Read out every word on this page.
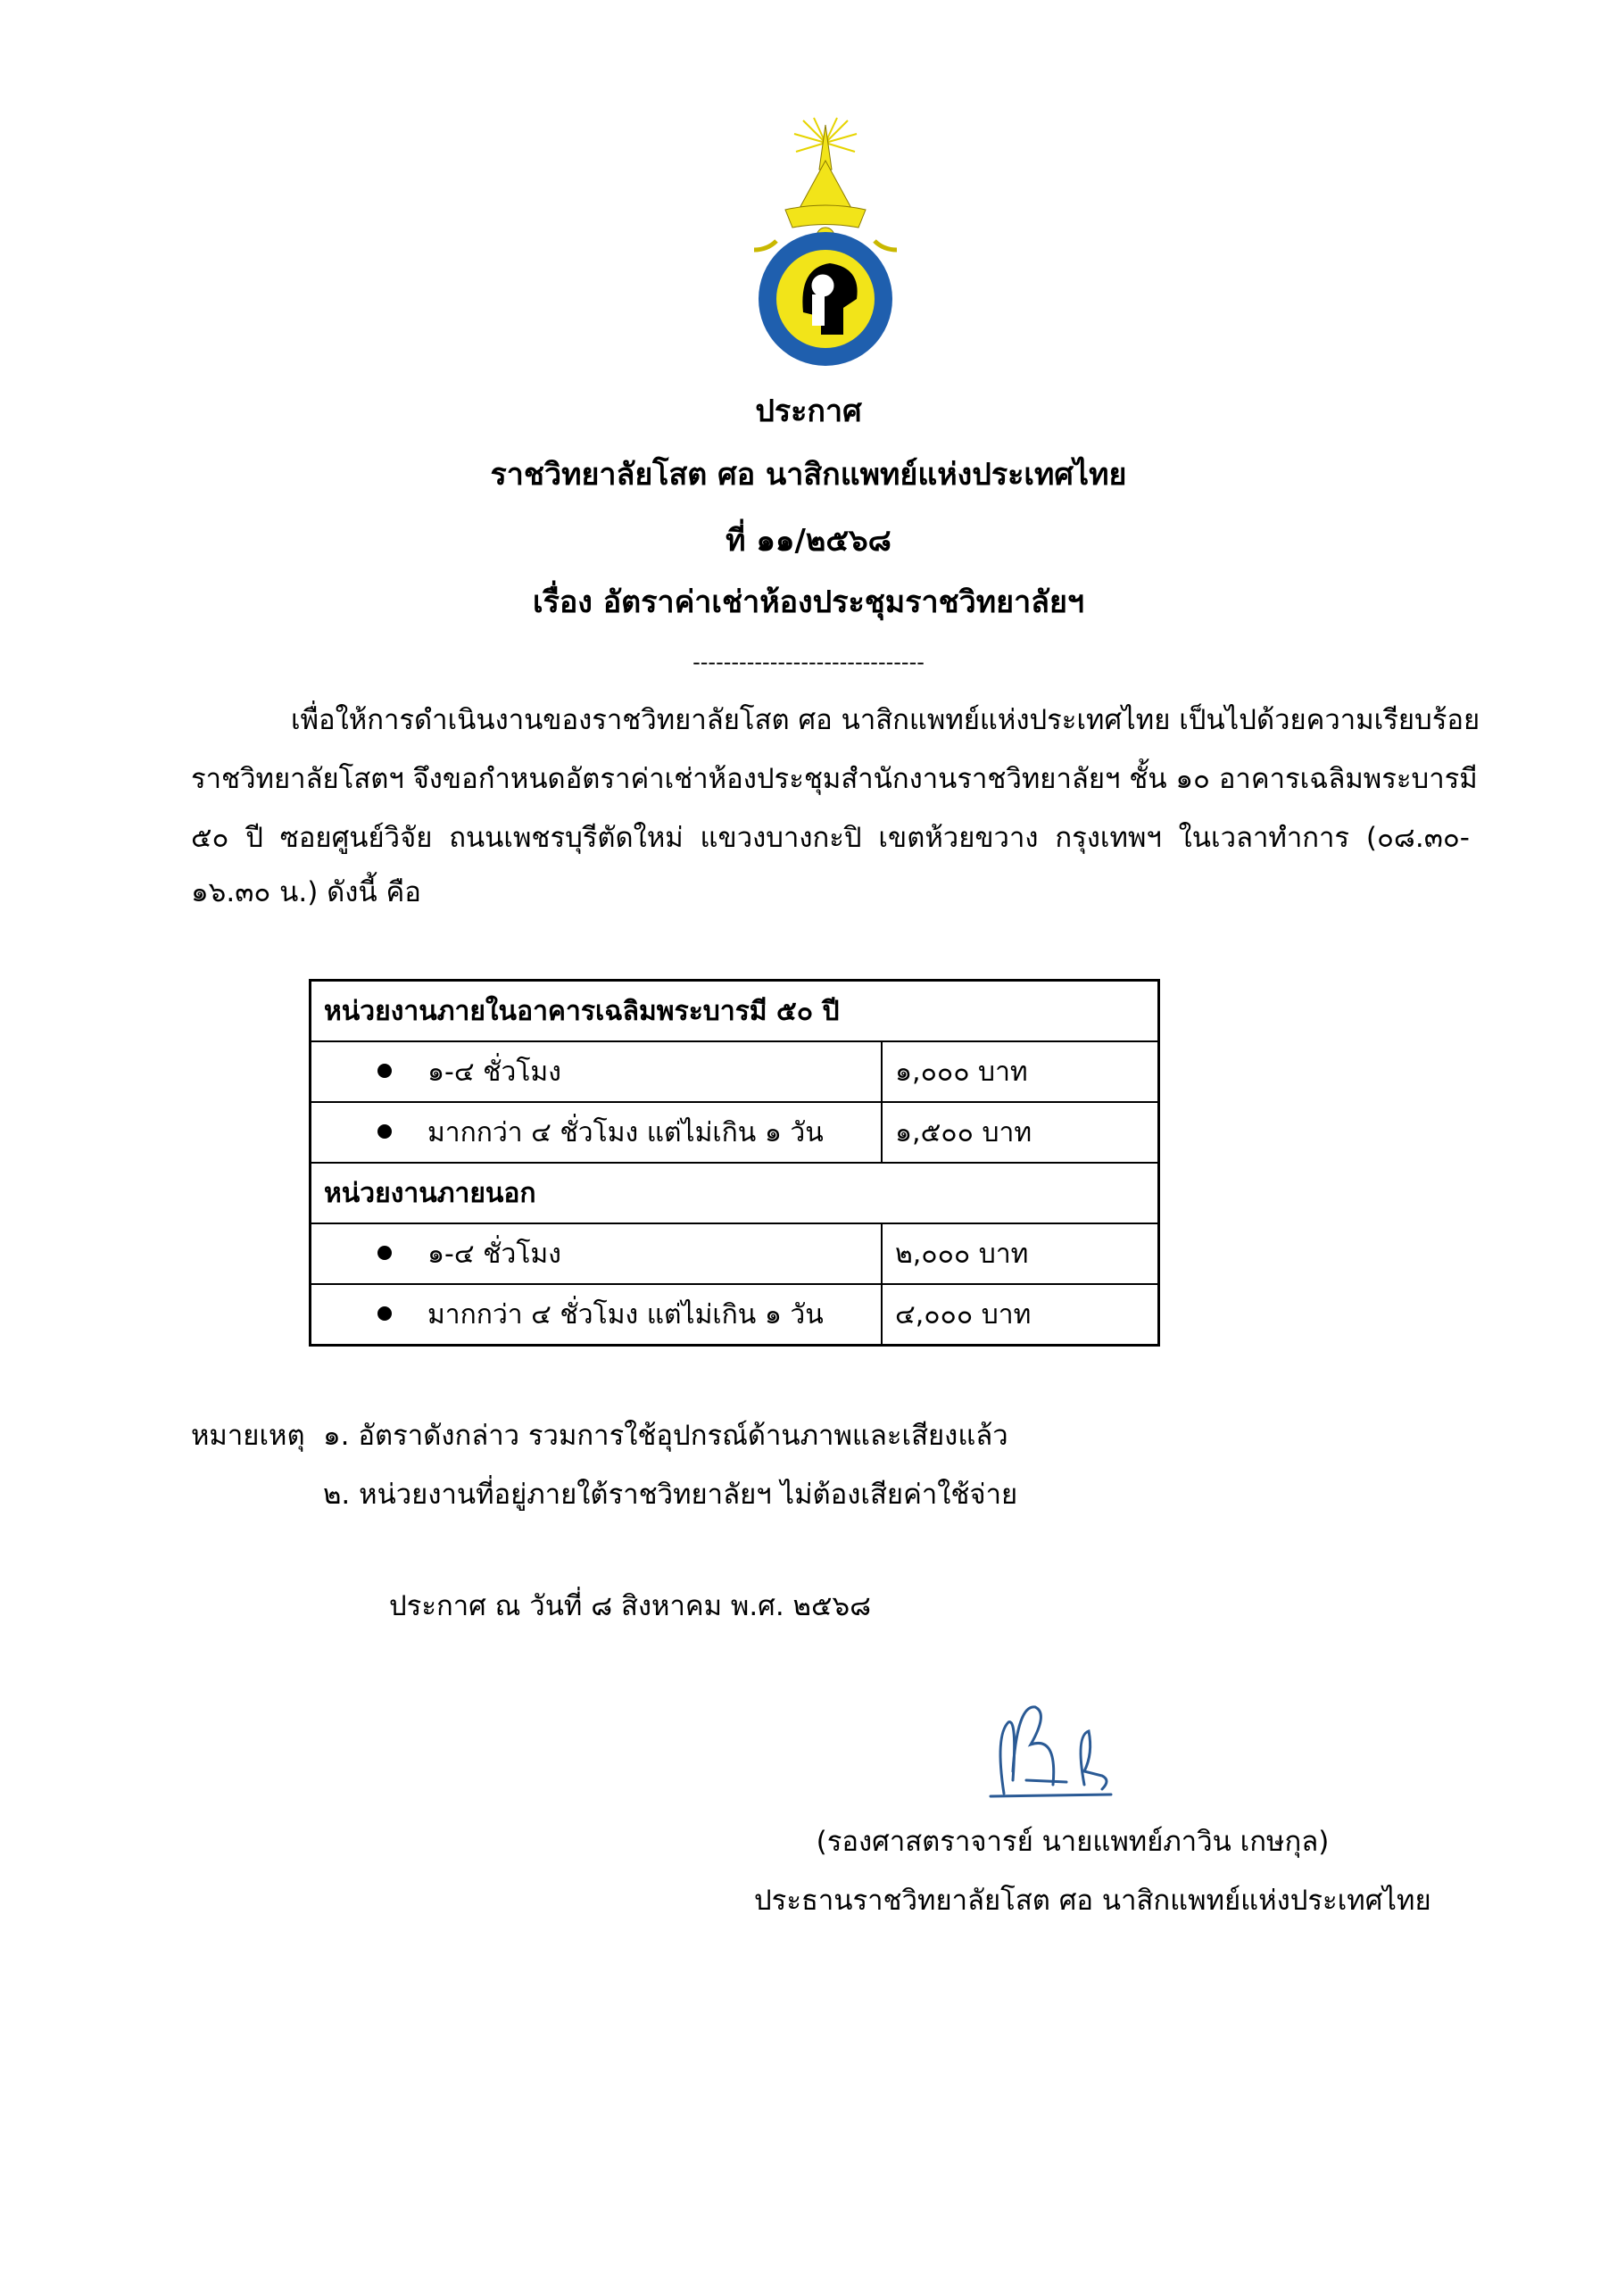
ประกาศ
ราชวิทยาลัยโสต ศอ นาสิกแพทย์แห่งประเทศไทย
ที่ ๑๑/๒๕๖๘
เรื่อง อัตราค่าเช่าห้องประชุมราชวิทยาลัยฯ
------------------------------
เพื่อให้การดำเนินงานของราชวิทยาลัยโสต ศอ นาสิกแพทย์แห่งประเทศไทย เป็นไปด้วยความเรียบร้อย
ราชวิทยาลัยโสตฯ จึงขอกำหนดอัตราค่าเช่าห้องประชุมสำนักงานราชวิทยาลัยฯ ชั้น ๑๐ อาคารเฉลิมพระบารมี
๕๐ ปี ซอยศูนย์วิจัย ถนนเพชรบุรีตัดใหม่ แขวงบางกะปิ เขตห้วยขวาง กรุงเทพฯ ในเวลาทำการ (๐๘.๓๐-
๑๖.๓๐ น.) ดังนี้ คือ
หน่วยงานภายในอาคารเฉลิมพระบารมี ๕๐ ปี	
๑-๔ ชั่วโมง	๑,๐๐๐ บาท
มากกว่า ๔ ชั่วโมง แต่ไม่เกิน ๑ วัน	๑,๕๐๐ บาท
หน่วยงานภายนอก	
๑-๔ ชั่วโมง	๒,๐๐๐ บาท
มากกว่า ๔ ชั่วโมง แต่ไม่เกิน ๑ วัน	๔,๐๐๐ บาท
หมายเหตุ ๑. อัตราดังกล่าว รวมการใช้อุปกรณ์ด้านภาพและเสียงแล้ว
๒. หน่วยงานที่อยู่ภายใต้ราชวิทยาลัยฯ ไม่ต้องเสียค่าใช้จ่าย
ประกาศ ณ วันที่ ๘ สิงหาคม พ.ศ. ๒๕๖๘
(รองศาสตราจารย์ นายแพทย์ภาวิน เกษกุล)
ประธานราชวิทยาลัยโสต ศอ นาสิกแพทย์แห่งประเทศไทย
